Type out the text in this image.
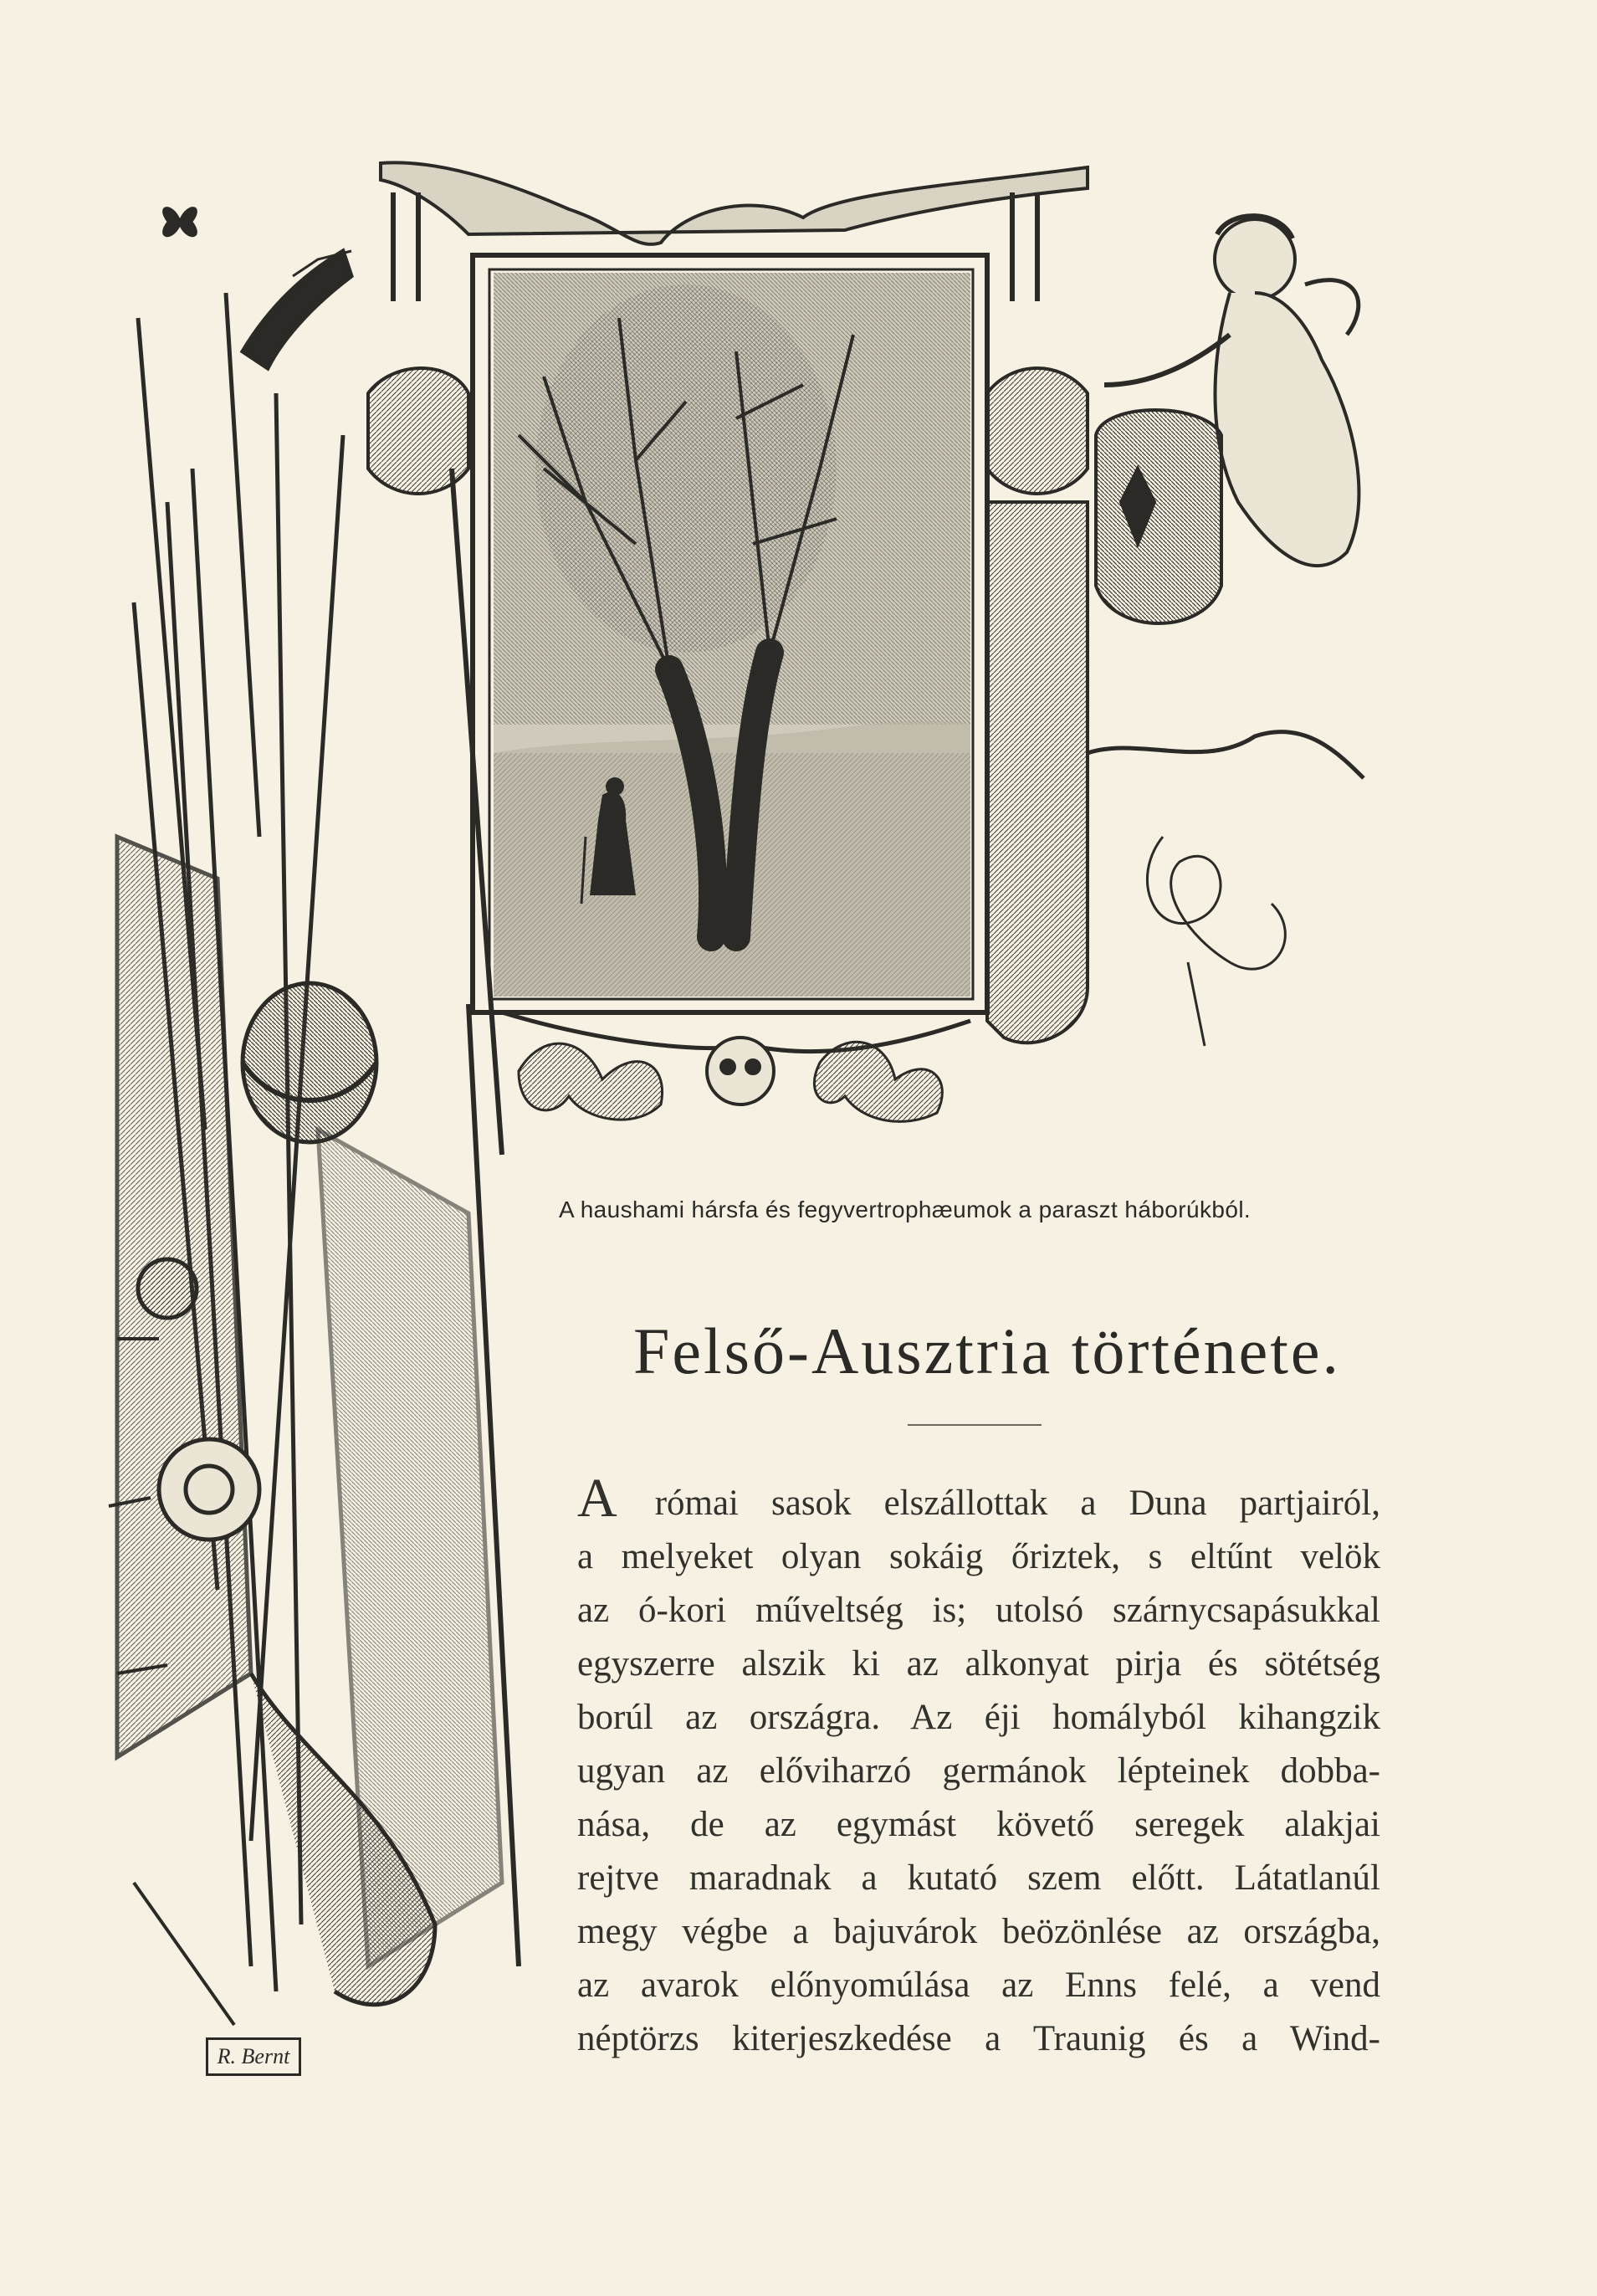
R. Bernt
A haushami hársfa és fegyvertrophæumok a paraszt háborúkból.
Felső-Ausztria története.
A római sasok elszállottak a Duna partjairól,
a melyeket olyan sokáig őriztek, s eltűnt velök
az ó-kori műveltség is; utolsó szárnycsapásukkal
egyszerre alszik ki az alkonyat pirja és sötétség
borúl az országra. Az éji homályból kihangzik
ugyan az előviharzó germánok lépteinek dobba-
nása, de az egymást követő seregek alakjai
rejtve maradnak a kutató szem előtt. Látatlanúl
megy végbe a bajuvárok beözönlése az országba,
az avarok előnyomúlása az Enns felé, a vend
néptörzs kiterjeszkedése a Traunig és a Wind-
